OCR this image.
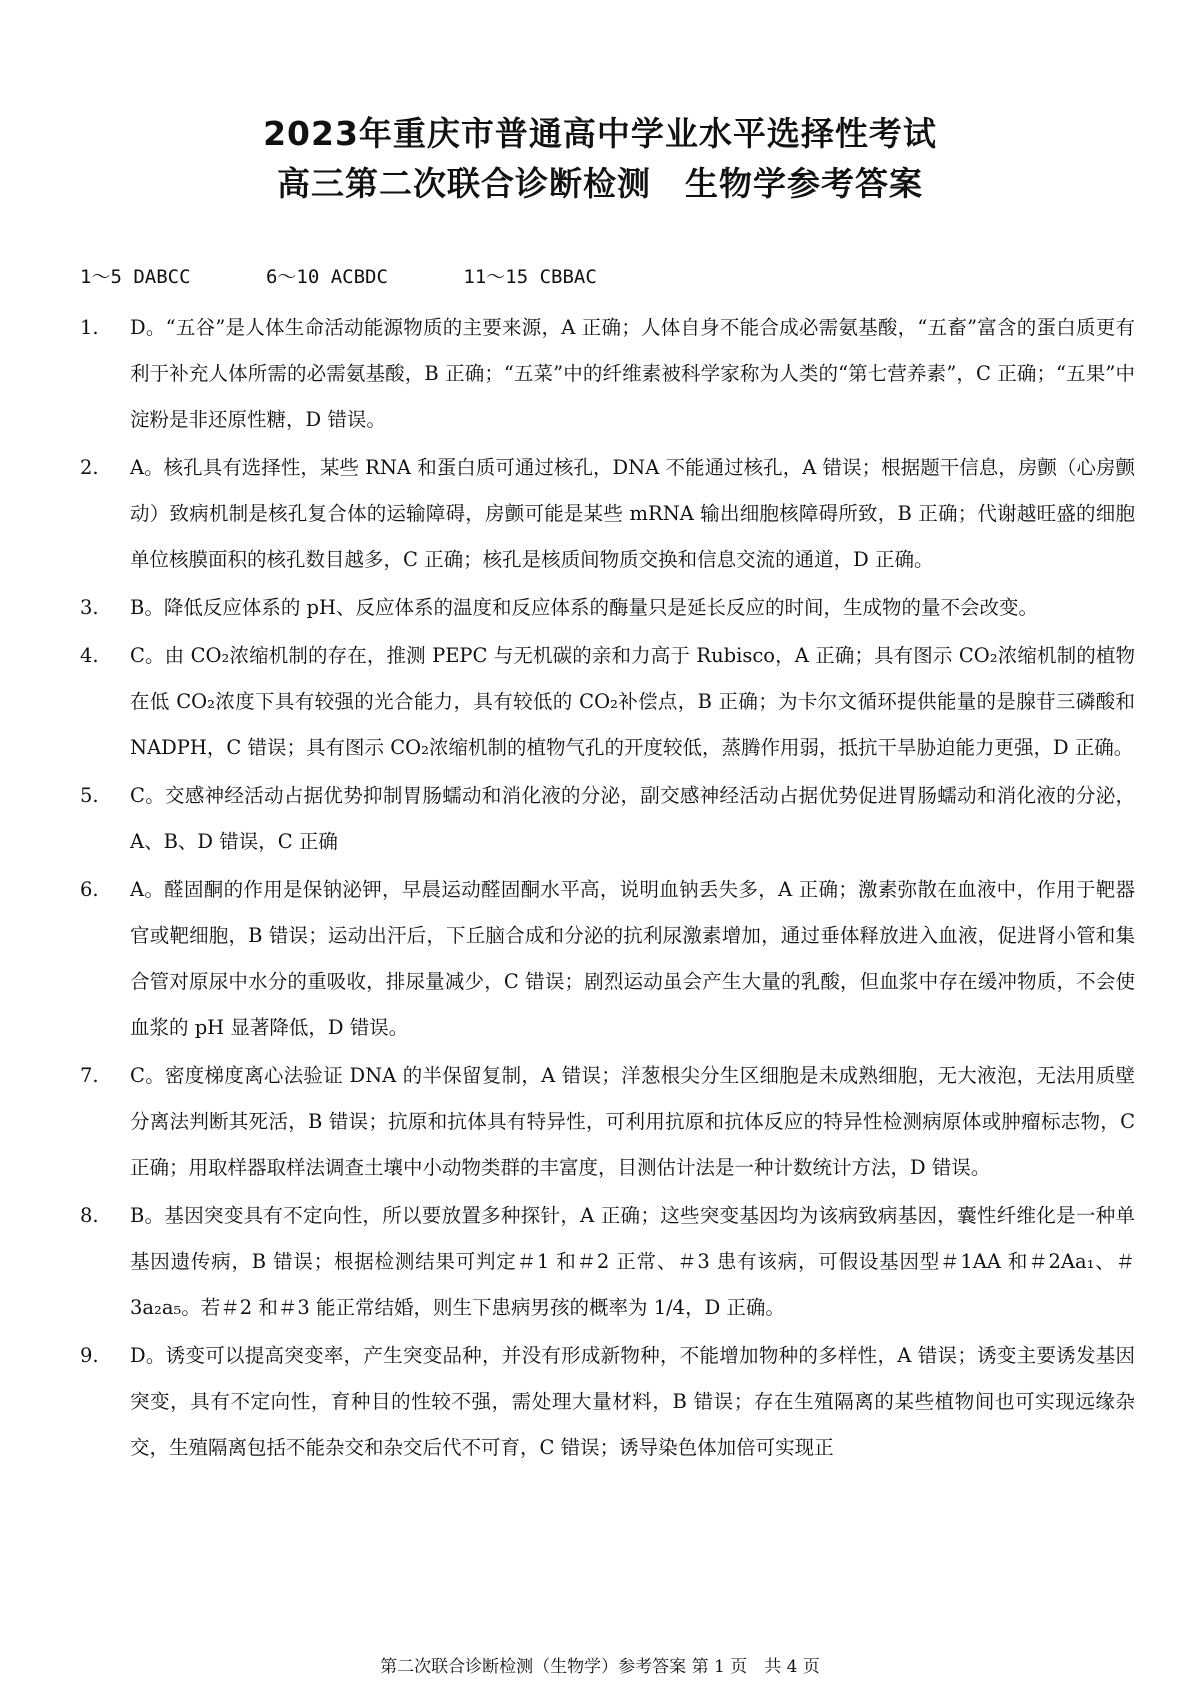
2023年重庆市普通高中学业水平选择性考试
高三第二次联合诊断检测 生物学参考答案
1～5 DABCC	6～10 ACBDC	11～15 CBBAC
1.	D。“五谷”是人体生命活动能源物质的主要来源，A 正确；人体自身不能合成必需氨基酸，“五畜”富含的蛋白质更有利于补充人体所需的必需氨基酸，B 正确；“五菜”中的纤维素被科学家称为人类的“第七营养素”，C 正确；“五果”中淀粉是非还原性糖，D 错误。
2.	A。核孔具有选择性，某些 RNA 和蛋白质可通过核孔，DNA 不能通过核孔，A 错误；根据题干信息，房颤（心房颤动）致病机制是核孔复合体的运输障碍，房颤可能是某些 mRNA 输出细胞核障碍所致，B 正确；代谢越旺盛的细胞单位核膜面积的核孔数目越多，C 正确；核孔是核质间物质交换和信息交流的通道，D 正确。
3.	B。降低反应体系的 pH、反应体系的温度和反应体系的酶量只是延长反应的时间，生成物的量不会改变。
4.	C。由 CO₂浓缩机制的存在，推测 PEPC 与无机碳的亲和力高于 Rubisco，A 正确；具有图示 CO₂浓缩机制的植物在低 CO₂浓度下具有较强的光合能力，具有较低的 CO₂补偿点，B 正确；为卡尔文循环提供能量的是腺苷三磷酸和 NADPH，C 错误；具有图示 CO₂浓缩机制的植物气孔的开度较低，蒸腾作用弱，抵抗干旱胁迫能力更强，D 正确。
5.	C。交感神经活动占据优势抑制胃肠蠕动和消化液的分泌，副交感神经活动占据优势促进胃肠蠕动和消化液的分泌，A、B、D 错误，C 正确
6.	A。醛固酮的作用是保钠泌钾，早晨运动醛固酮水平高，说明血钠丢失多，A 正确；激素弥散在血液中，作用于靶器官或靶细胞，B 错误；运动出汗后，下丘脑合成和分泌的抗利尿激素增加，通过垂体释放进入血液，促进肾小管和集合管对原尿中水分的重吸收，排尿量减少，C 错误；剧烈运动虽会产生大量的乳酸，但血浆中存在缓冲物质，不会使血浆的 pH 显著降低，D 错误。
7.	C。密度梯度离心法验证 DNA 的半保留复制，A 错误；洋葱根尖分生区细胞是未成熟细胞，无大液泡，无法用质壁分离法判断其死活，B 错误；抗原和抗体具有特异性，可利用抗原和抗体反应的特异性检测病原体或肿瘤标志物，C 正确；用取样器取样法调查土壤中小动物类群的丰富度，目测估计法是一种计数统计方法，D 错误。
8.	B。基因突变具有不定向性，所以要放置多种探针，A 正确；这些突变基因均为该病致病基因，囊性纤维化是一种单基因遗传病，B 错误；根据检测结果可判定＃1 和＃2 正常、＃3 患有该病，可假设基因型＃1AA 和＃2Aa₁、＃3a₂a₅。若＃2 和＃3 能正常结婚，则生下患病男孩的概率为 1/4，D 正确。
9.	D。诱变可以提高突变率，产生突变品种，并没有形成新物种，不能增加物种的多样性，A 错误；诱变主要诱发基因突变，具有不定向性，育种目的性较不强，需处理大量材料，B 错误；存在生殖隔离的某些植物间也可实现远缘杂交，生殖隔离包括不能杂交和杂交后代不可育，C 错误；诱导染色体加倍可实现正
第二次联合诊断检测（生物学）参考答案 第 1 页　共 4 页
